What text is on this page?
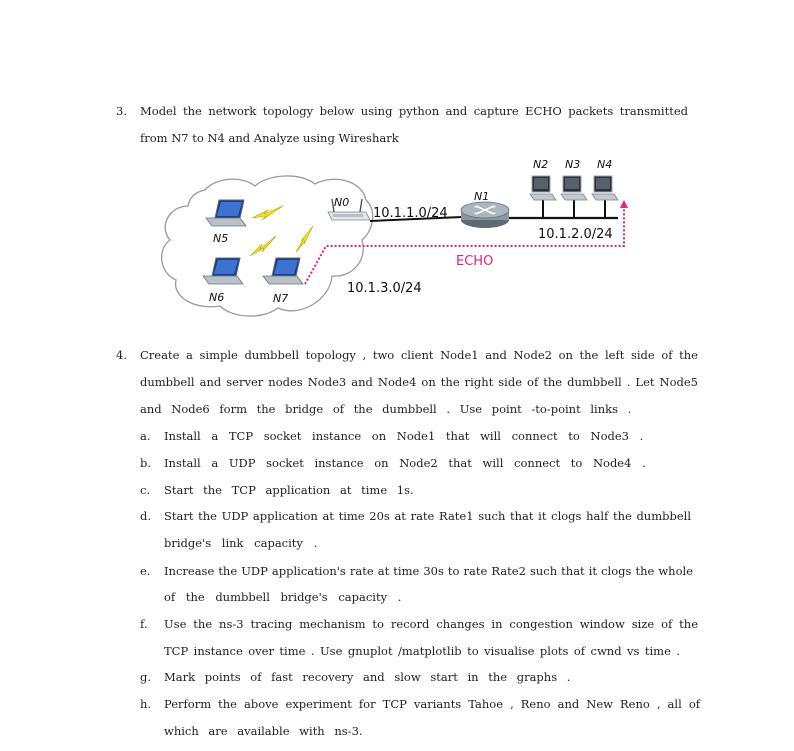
3. Model the network topology below using python and capture ECHO packets transmitted
from N7 to N4 and Analyze using Wireshark
N0	N1
N2 N3 N4
N5
N6	N7
10.1.1.0/24
10.1.2.0/24
10.1.3.0/24
ECHO
4. Create a simple dumbbell topology , two client Node1 and Node2 on the left side of the
dumbbell and server nodes Node3 and Node4 on the right side of the dumbbell . Let Node5
and Node6 form the bridge of the dumbbell . Use point -to-point links .
a. Install a TCP socket instance on Node1 that will connect to Node3 .
b. Install a UDP socket instance on Node2 that will connect to Node4 .
c. Start the TCP application at time 1s.
d. Start the UDP application at time 20s at rate Rate1 such that it clogs half the dumbbell
bridge's link capacity .
e. Increase the UDP application's rate at time 30s to rate Rate2 such that it clogs the whole
of the dumbbell bridge's capacity .
f. Use the ns-3 tracing mechanism to record changes in congestion window size of the
TCP instance over time . Use gnuplot /matplotlib to visualise plots of cwnd vs time .
g. Mark points of fast recovery and slow start in the graphs .
h. Perform the above experiment for TCP variants Tahoe , Reno and New Reno , all of
which are available with ns-3.
